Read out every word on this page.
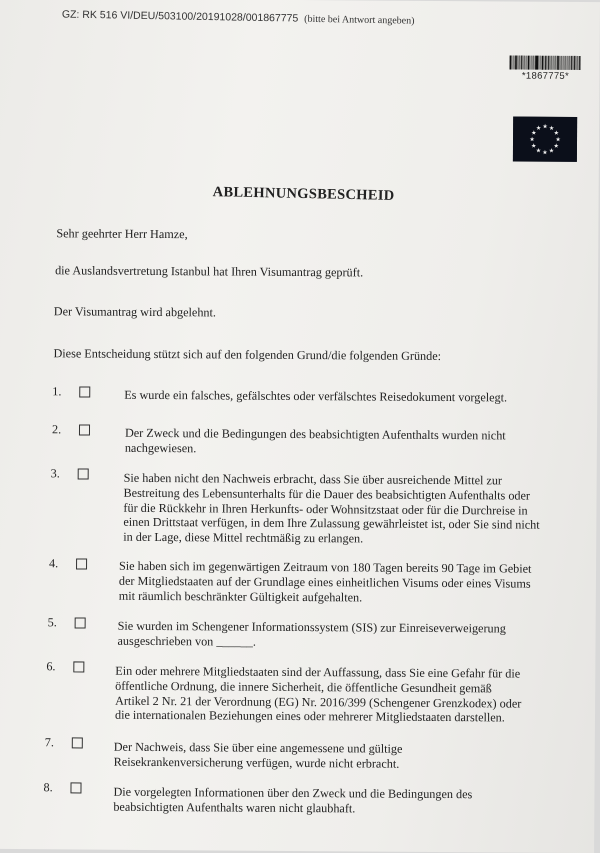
GZ: RK 516 VI/DEU/503100/20191028/001867775 (bitte bei Antwort angeben)
*1867775*
★ ★
★
★
★
★
★
★
★
★
★
★
ABLEHNUNGSBESCHEID
Sehr geehrter Herr Hamze,
die Auslandsvertretung Istanbul hat Ihren Visumantrag geprüft.
Der Visumantrag wird abgelehnt.
Diese Entscheidung stützt sich auf den folgenden Grund/die folgenden Gründe:
1.	Es wurde ein falsches, gefälschtes oder verfälschtes Reisedokument vorgelegt.
2.	Der Zweck und die Bedingungen des beabsichtigten Aufenthalts wurden nicht
nachgewiesen.
3.	Sie haben nicht den Nachweis erbracht, dass Sie über ausreichende Mittel zur
Bestreitung des Lebensunterhalts für die Dauer des beabsichtigten Aufenthalts oder
für die Rückkehr in Ihren Herkunfts- oder Wohnsitzstaat oder für die Durchreise in
einen Drittstaat verfügen, in dem Ihre Zulassung gewährleistet ist, oder Sie sind nicht
in der Lage, diese Mittel rechtmäßig zu erlangen.
4.	Sie haben sich im gegenwärtigen Zeitraum von 180 Tagen bereits 90 Tage im Gebiet
der Mitgliedstaaten auf der Grundlage eines einheitlichen Visums oder eines Visums
mit räumlich beschränkter Gültigkeit aufgehalten.
5.	Sie wurden im Schengener Informationssystem (SIS) zur Einreiseverweigerung
ausgeschrieben von ______.
6.	Ein oder mehrere Mitgliedstaaten sind der Auffassung, dass Sie eine Gefahr für die
öffentliche Ordnung, die innere Sicherheit, die öffentliche Gesundheit gemäß
Artikel 2 Nr. 21 der Verordnung (EG) Nr. 2016/399 (Schengener Grenzkodex) oder
die internationalen Beziehungen eines oder mehrerer Mitgliedstaaten darstellen.
7.	Der Nachweis, dass Sie über eine angemessene und gültige
Reisekrankenversicherung verfügen, wurde nicht erbracht.
8.	Die vorgelegten Informationen über den Zweck und die Bedingungen des
beabsichtigten Aufenthalts waren nicht glaubhaft.
